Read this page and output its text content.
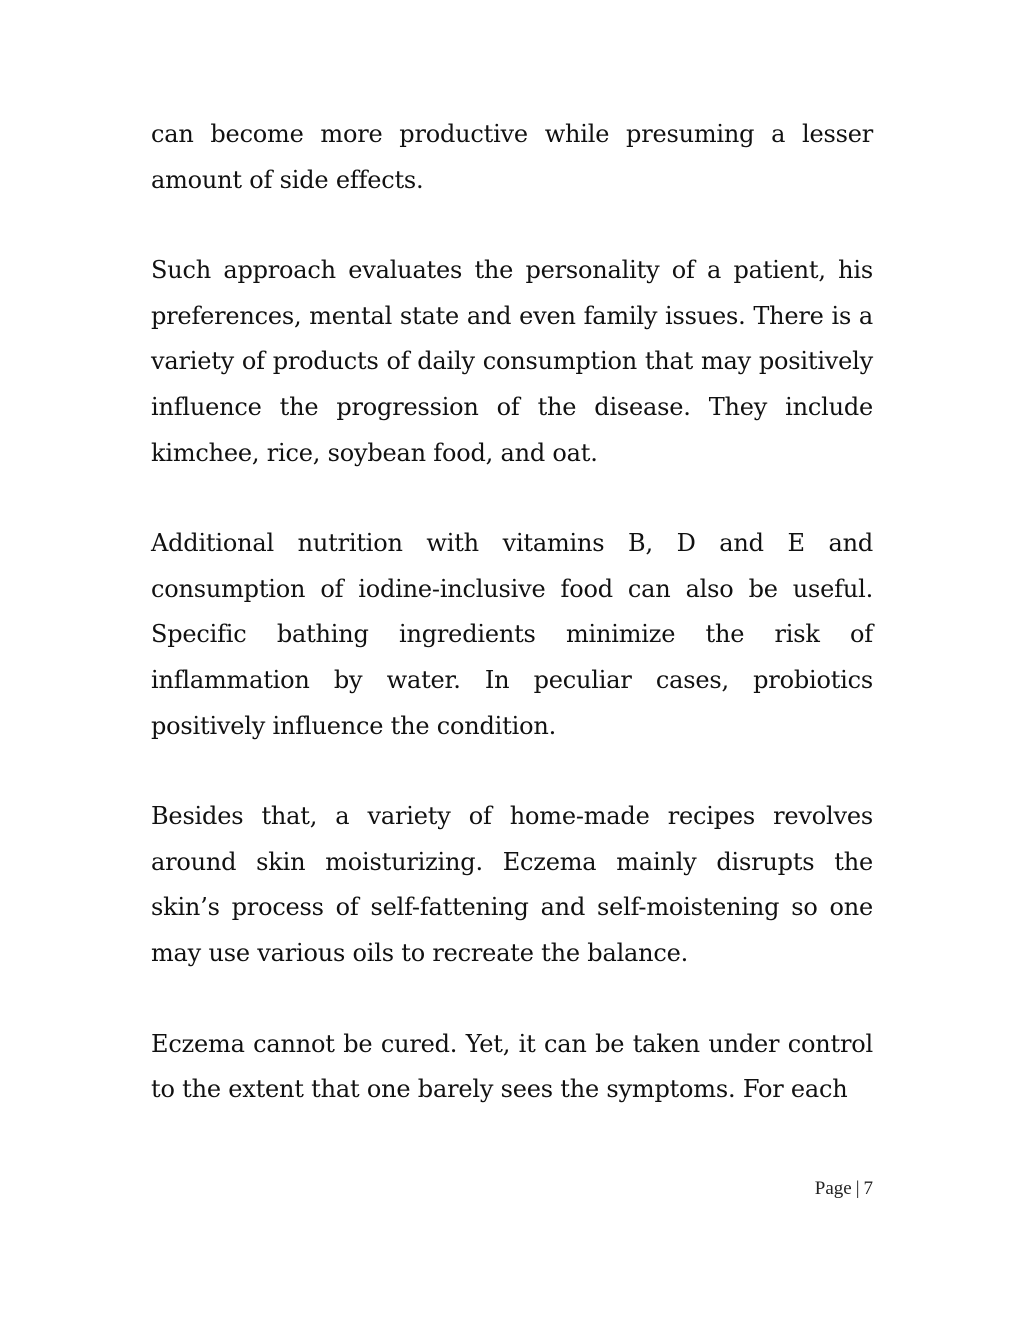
can become more productive while presuming a lesser amount of side effects.

Such approach evaluates the personality of a patient, his preferences, mental state and even family issues. There is a variety of products of daily consumption that may positively influence the progression of the disease. They include kimchee, rice, soybean food, and oat.

Additional nutrition with vitamins B, D and E and consumption of iodine-inclusive food can also be useful. Specific bathing ingredients minimize the risk of inflammation by water. In peculiar cases, probiotics positively influence the condition.

Besides that, a variety of home-made recipes revolves around skin moisturizing. Eczema mainly disrupts the skin’s process of self-fattening and self-moistening so one may use various oils to recreate the balance.

Eczema cannot be cured. Yet, it can be taken under control to the extent that one barely sees the symptoms. For each

Page | 7
